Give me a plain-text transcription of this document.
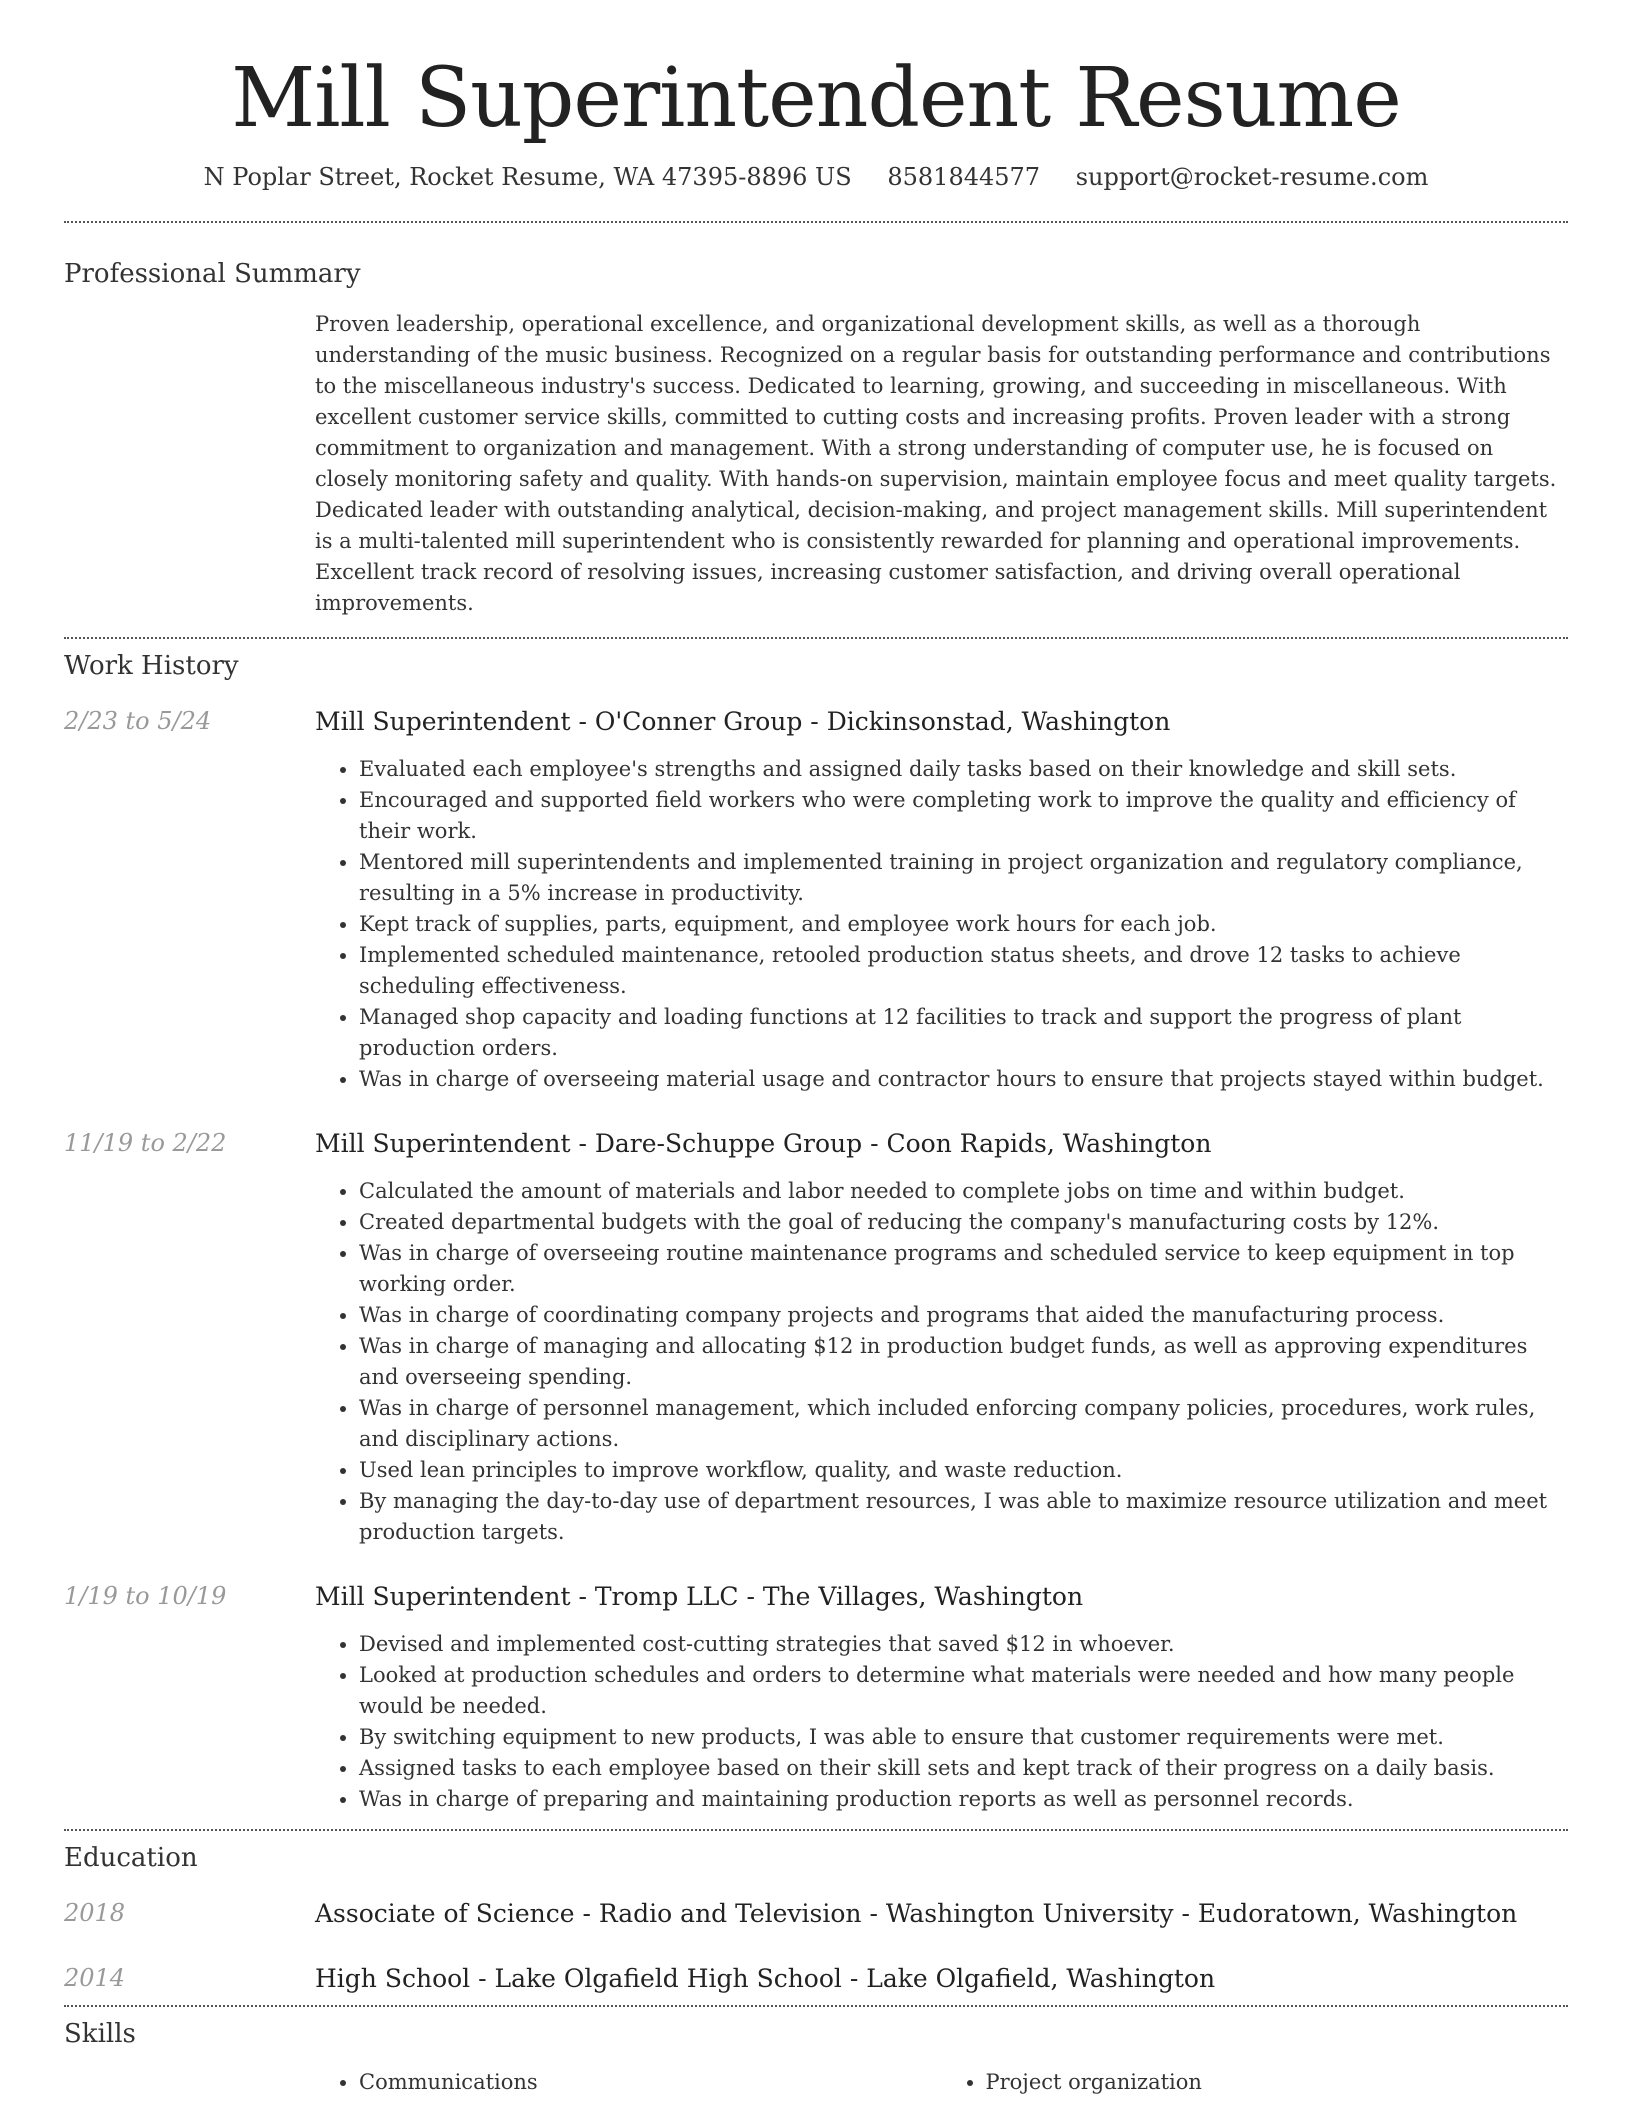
Mill Superintendent Resume
N Poplar Street, Rocket Resume, WA 47395-8896 US 8581844577 support@rocket-resume.com
Professional Summary
Proven leadership, operational excellence, and organizational development skills, as well as a thorough understanding of the music business. Recognized on a regular basis for outstanding performance and contributions to the miscellaneous industry's success. Dedicated to learning, growing, and succeeding in miscellaneous. With excellent customer service skills, committed to cutting costs and increasing profits. Proven leader with a strong commitment to organization and management. With a strong understanding of computer use, he is focused on closely monitoring safety and quality. With hands-on supervision, maintain employee focus and meet quality targets. Dedicated leader with outstanding analytical, decision-making, and project management skills. Mill superintendent is a multi-talented mill superintendent who is consistently rewarded for planning and operational improvements. Excellent track record of resolving issues, increasing customer satisfaction, and driving overall operational improvements.
Work History
2/23 to 5/24	Mill Superintendent - O'Conner Group - Dickinsonstad, Washington
• Evaluated each employee's strengths and assigned daily tasks based on their knowledge and skill sets.
• Encouraged and supported field workers who were completing work to improve the quality and efficiency of their work.
• Mentored mill superintendents and implemented training in project organization and regulatory compliance, resulting in a 5% increase in productivity.
• Kept track of supplies, parts, equipment, and employee work hours for each job.
• Implemented scheduled maintenance, retooled production status sheets, and drove 12 tasks to achieve scheduling effectiveness.
• Managed shop capacity and loading functions at 12 facilities to track and support the progress of plant production orders.
• Was in charge of overseeing material usage and contractor hours to ensure that projects stayed within budget.
11/19 to 2/22	Mill Superintendent - Dare-Schuppe Group - Coon Rapids, Washington
• Calculated the amount of materials and labor needed to complete jobs on time and within budget.
• Created departmental budgets with the goal of reducing the company's manufacturing costs by 12%.
• Was in charge of overseeing routine maintenance programs and scheduled service to keep equipment in top working order.
• Was in charge of coordinating company projects and programs that aided the manufacturing process.
• Was in charge of managing and allocating $12 in production budget funds, as well as approving expenditures and overseeing spending.
• Was in charge of personnel management, which included enforcing company policies, procedures, work rules, and disciplinary actions.
• Used lean principles to improve workflow, quality, and waste reduction.
• By managing the day-to-day use of department resources, I was able to maximize resource utilization and meet production targets.
1/19 to 10/19	Mill Superintendent - Tromp LLC - The Villages, Washington
• Devised and implemented cost-cutting strategies that saved $12 in whoever.
• Looked at production schedules and orders to determine what materials were needed and how many people would be needed.
• By switching equipment to new products, I was able to ensure that customer requirements were met.
• Assigned tasks to each employee based on their skill sets and kept track of their progress on a daily basis.
• Was in charge of preparing and maintaining production reports as well as personnel records.
Education
2018	Associate of Science - Radio and Television - Washington University - Eudoratown, Washington
2014	High School - Lake Olgafield High School - Lake Olgafield, Washington
Skills
• Communications
•	Project organization
